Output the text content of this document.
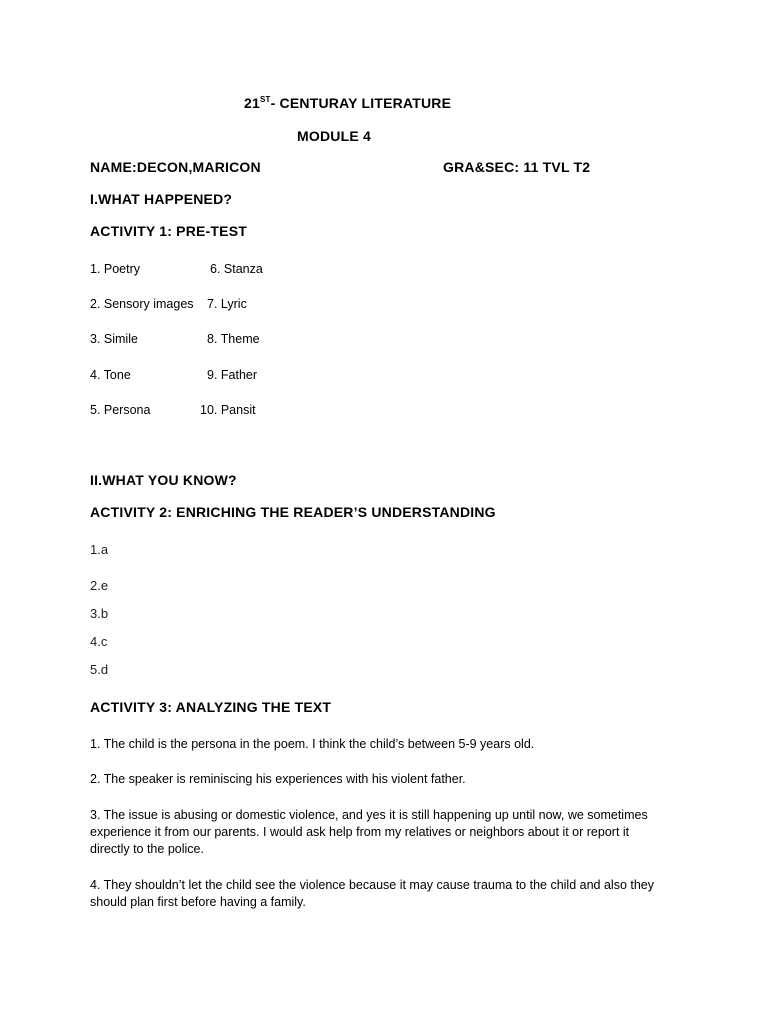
21ST- CENTURAY LITERATURE
MODULE 4
NAME:DECON,MARICON	GRA&SEC: 11 TVL T2
I.WHAT HAPPENED?
ACTIVITY 1: PRE-TEST
1. Poetry
2. Sensory images
3. Simile
4. Tone
5. Persona
6. Stanza
7. Lyric
8. Theme
9. Father
10. Pansit
II.WHAT YOU KNOW?
ACTIVITY 2: ENRICHING THE READER’S UNDERSTANDING
1.a
2.e
3.b
4.c
5.d
ACTIVITY 3: ANALYZING THE TEXT
1. The child is the persona in the poem. I think the child’s between 5-9 years old.
2. The speaker is reminiscing his experiences with his violent father.
3. The issue is abusing or domestic violence, and yes it is still happening up until now, we sometimes experience it from our parents. I would ask help from my relatives or neighbors about it or report it directly to the police.
4. They shouldn’t let the child see the violence because it may cause trauma to the child and also they should plan first before having a family.
